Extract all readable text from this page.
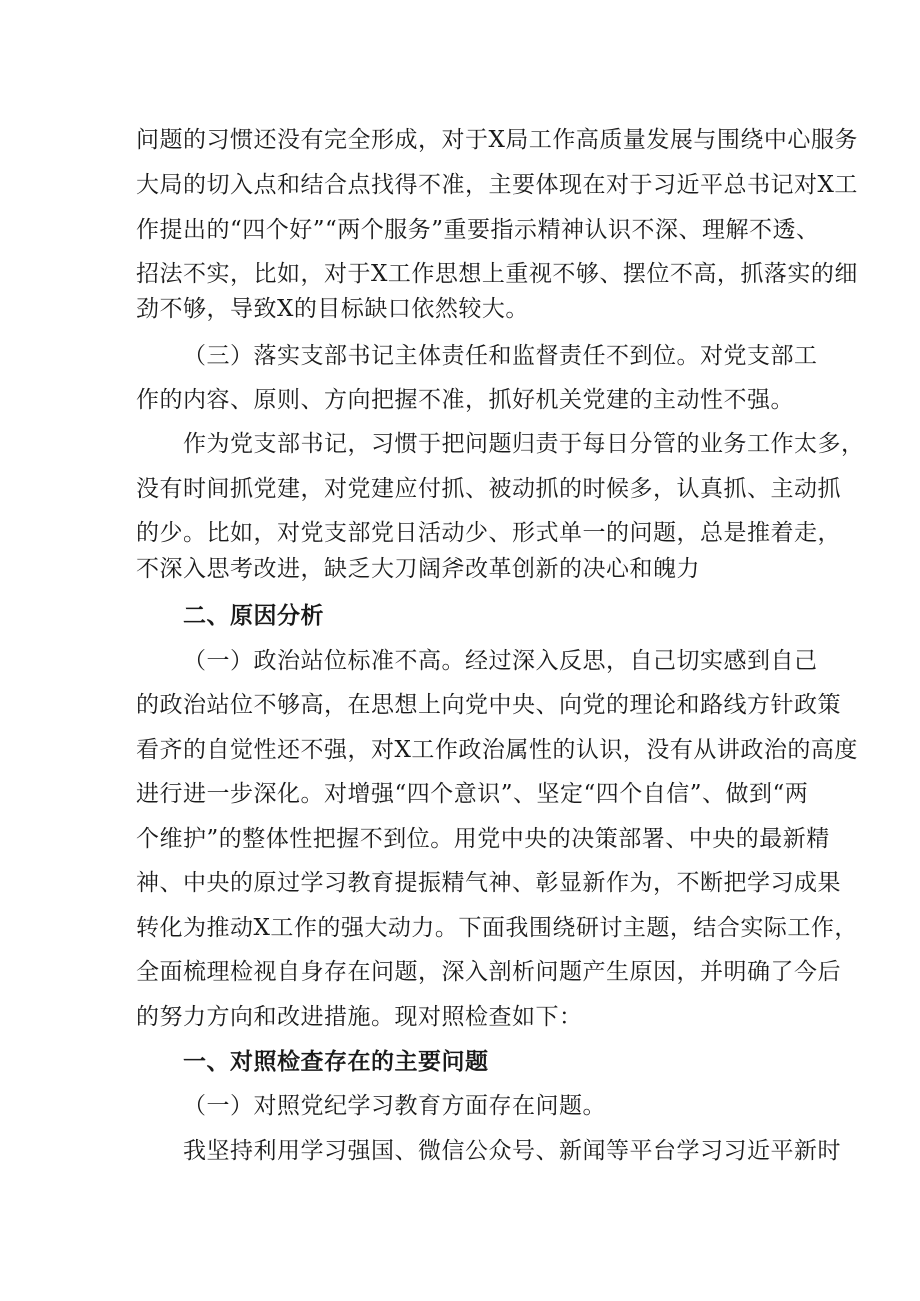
问题的习惯还没有完全形成，对于X局工作高质量发展与围绕中心服务
大局的切入点和结合点找得不准，主要体现在对于习近平总书记对X工
作提出的“四个好”“两个服务”重要指示精神认识不深、理解不透、
招法不实，比如，对于X工作思想上重视不够、摆位不高，抓落实的细
劲不够，导致X的目标缺口依然较大。
（三）落实支部书记主体责任和监督责任不到位。对党支部工
作的内容、原则、方向把握不准，抓好机关党建的主动性不强。
作为党支部书记，习惯于把问题归责于每日分管的业务工作太多，
没有时间抓党建，对党建应付抓、被动抓的时候多，认真抓、主动抓
的少。比如，对党支部党日活动少、形式单一的问题，总是推着走，
不深入思考改进，缺乏大刀阔斧改革创新的决心和魄力
二、原因分析
（一）政治站位标准不高。经过深入反思，自己切实感到自己
的政治站位不够高，在思想上向党中央、向党的理论和路线方针政策
看齐的自觉性还不强，对X工作政治属性的认识，没有从讲政治的高度
进行进一步深化。对增强“四个意识”、坚定“四个自信”、做到“两
个维护”的整体性把握不到位。用党中央的决策部署、中央的最新精
神、中央的原过学习教育提振精气神、彰显新作为，不断把学习成果
转化为推动X工作的强大动力。下面我围绕研讨主题，结合实际工作，
全面梳理检视自身存在问题，深入剖析问题产生原因，并明确了今后
的努力方向和改进措施。现对照检查如下：
一、对照检查存在的主要问题
（一）对照党纪学习教育方面存在问题。
我坚持利用学习强国、微信公众号、新闻等平台学习习近平新时
